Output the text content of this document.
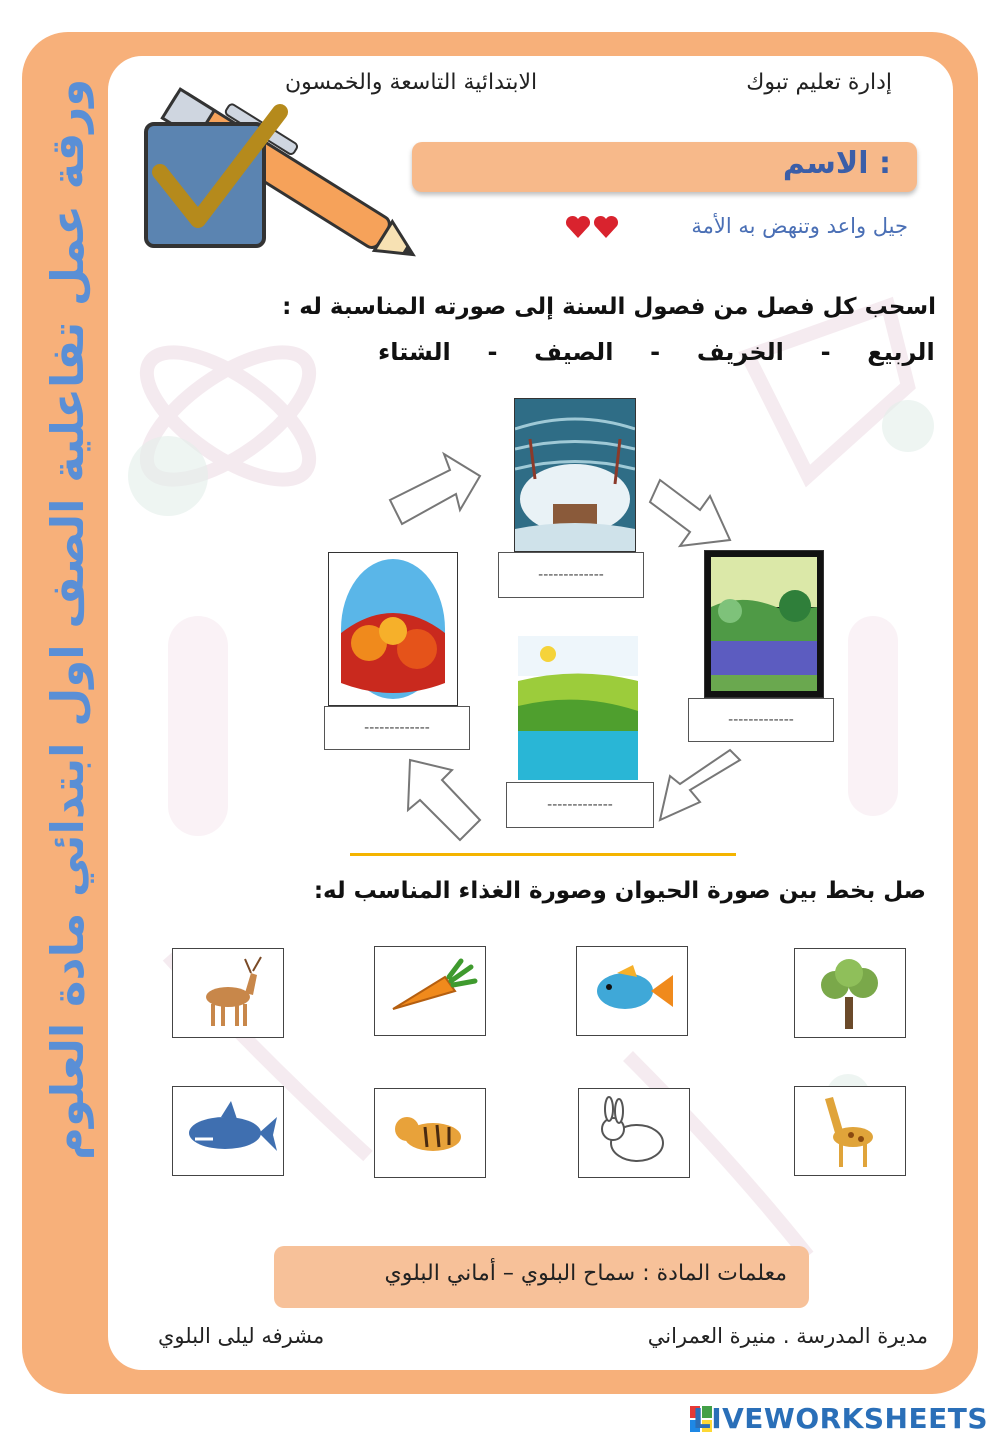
ورقة عمل تفاعلية الصف اول ابتدائي مادة العلوم	إدارة تعليم تبوك
الابتدائية التاسعة والخمسون
الاسم :
جيل واعد وتنهض به الأمة
اسحب كل فصل من فصول السنة إلى صورته المناسبة له :
الربيع  -  الخريف  -  الصيف  -  الشتاء
-------------
-------------
-------------
-------------
صل بخط بين صورة الحيوان وصورة الغذاء المناسب له:
معلمات المادة : سماح البلوي – أماني البلوي
مديرة المدرسة . منيرة العمراني
مشرفه ليلى البلوي
LIVEWORKSHEETS
